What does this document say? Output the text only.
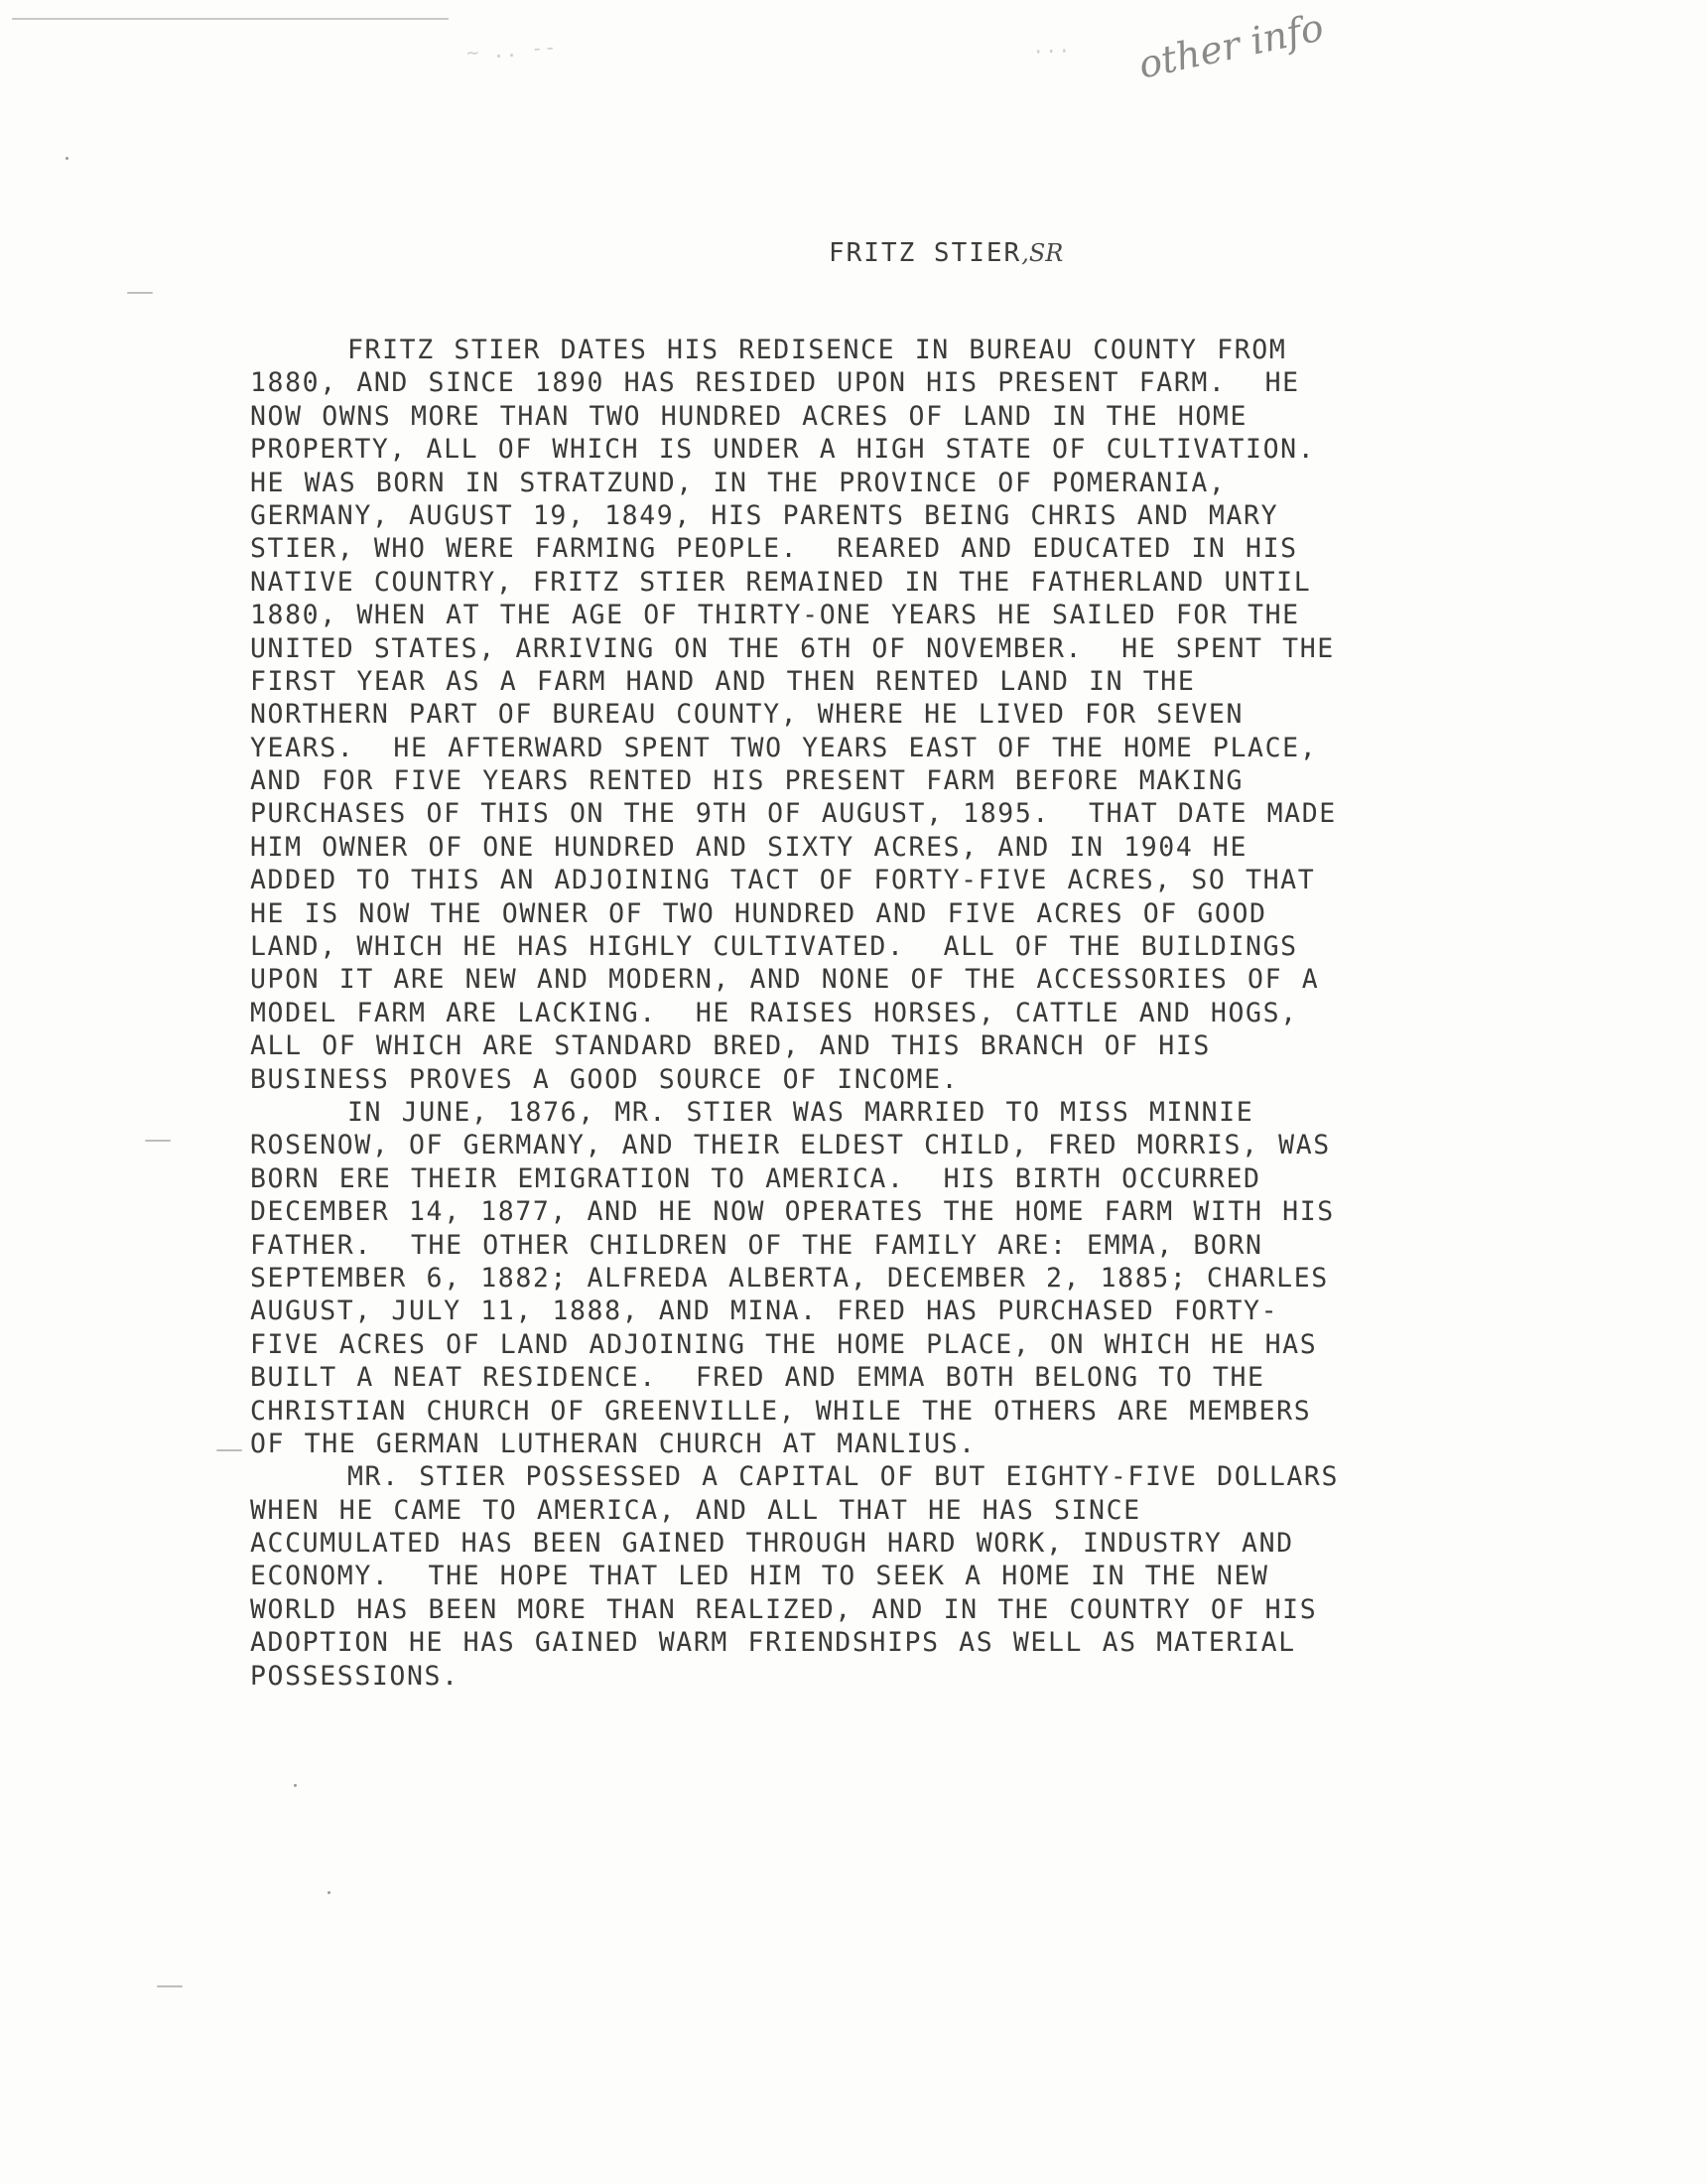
~ .. --	... other info
FRITZ STIER,SR
FRITZ STIER DATES HIS REDISENCE IN BUREAU COUNTY FROM
1880, AND SINCE 1890 HAS RESIDED UPON HIS PRESENT FARM.  HE
NOW OWNS MORE THAN TWO HUNDRED ACRES OF LAND IN THE HOME
PROPERTY, ALL OF WHICH IS UNDER A HIGH STATE OF CULTIVATION.
HE WAS BORN IN STRATZUND, IN THE PROVINCE OF POMERANIA,
GERMANY, AUGUST 19, 1849, HIS PARENTS BEING CHRIS AND MARY
STIER, WHO WERE FARMING PEOPLE.  REARED AND EDUCATED IN HIS
NATIVE COUNTRY, FRITZ STIER REMAINED IN THE FATHERLAND UNTIL
1880, WHEN AT THE AGE OF THIRTY-ONE YEARS HE SAILED FOR THE
UNITED STATES, ARRIVING ON THE 6TH OF NOVEMBER.  HE SPENT THE
FIRST YEAR AS A FARM HAND AND THEN RENTED LAND IN THE
NORTHERN PART OF BUREAU COUNTY, WHERE HE LIVED FOR SEVEN
YEARS.  HE AFTERWARD SPENT TWO YEARS EAST OF THE HOME PLACE,
AND FOR FIVE YEARS RENTED HIS PRESENT FARM BEFORE MAKING
PURCHASES OF THIS ON THE 9TH OF AUGUST, 1895.  THAT DATE MADE
HIM OWNER OF ONE HUNDRED AND SIXTY ACRES, AND IN 1904 HE
ADDED TO THIS AN ADJOINING TACT OF FORTY-FIVE ACRES, SO THAT
HE IS NOW THE OWNER OF TWO HUNDRED AND FIVE ACRES OF GOOD
LAND, WHICH HE HAS HIGHLY CULTIVATED.  ALL OF THE BUILDINGS
UPON IT ARE NEW AND MODERN, AND NONE OF THE ACCESSORIES OF A
MODEL FARM ARE LACKING.  HE RAISES HORSES, CATTLE AND HOGS,
ALL OF WHICH ARE STANDARD BRED, AND THIS BRANCH OF HIS
BUSINESS PROVES A GOOD SOURCE OF INCOME.
IN JUNE, 1876, MR. STIER WAS MARRIED TO MISS MINNIE
ROSENOW, OF GERMANY, AND THEIR ELDEST CHILD, FRED MORRIS, WAS
BORN ERE THEIR EMIGRATION TO AMERICA.  HIS BIRTH OCCURRED
DECEMBER 14, 1877, AND HE NOW OPERATES THE HOME FARM WITH HIS
FATHER.  THE OTHER CHILDREN OF THE FAMILY ARE: EMMA, BORN
SEPTEMBER 6, 1882; ALFREDA ALBERTA, DECEMBER 2, 1885; CHARLES
AUGUST, JULY 11, 1888, AND MINA. FRED HAS PURCHASED FORTY-
FIVE ACRES OF LAND ADJOINING THE HOME PLACE, ON WHICH HE HAS
BUILT A NEAT RESIDENCE.  FRED AND EMMA BOTH BELONG TO THE
CHRISTIAN CHURCH OF GREENVILLE, WHILE THE OTHERS ARE MEMBERS
OF THE GERMAN LUTHERAN CHURCH AT MANLIUS.
MR. STIER POSSESSED A CAPITAL OF BUT EIGHTY-FIVE DOLLARS
WHEN HE CAME TO AMERICA, AND ALL THAT HE HAS SINCE
ACCUMULATED HAS BEEN GAINED THROUGH HARD WORK, INDUSTRY AND
ECONOMY.  THE HOPE THAT LED HIM TO SEEK A HOME IN THE NEW
WORLD HAS BEEN MORE THAN REALIZED, AND IN THE COUNTRY OF HIS
ADOPTION HE HAS GAINED WARM FRIENDSHIPS AS WELL AS MATERIAL
POSSESSIONS.
